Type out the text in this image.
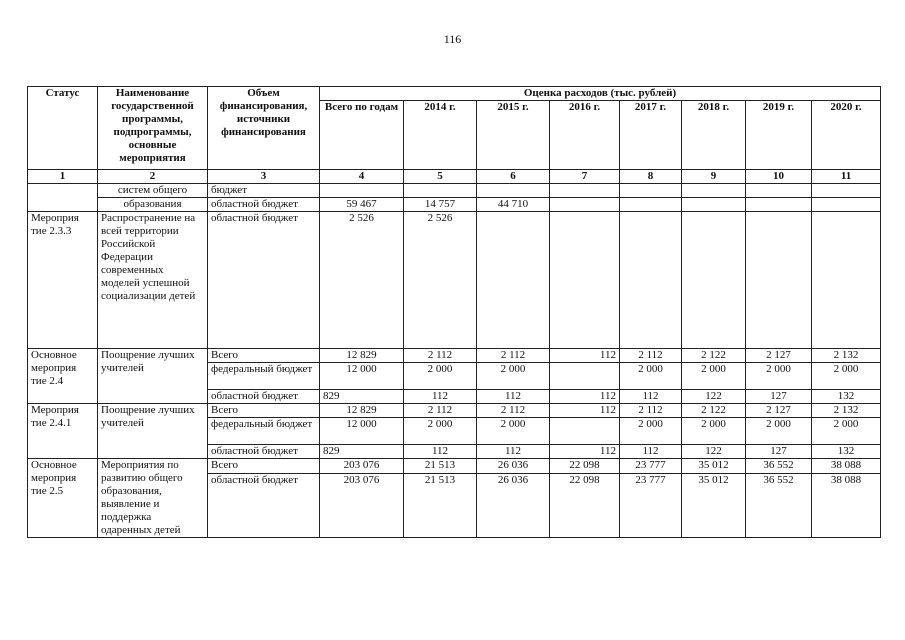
116
Статус	Наименование государственной программы, подпрограммы, основные мероприятия	Объем финансирования, источники финансирования	Оценка расходов (тыс. рублей)							
			Всего по годам	2014 г.	2015 г.	2016 г.	2017 г.	2018 г.	2019 г.	2020 г.
1	2	3	4	5	6	7	8	9	10	11
	систем общего	бюджет								
	образования	областной бюджет	59 467	14 757	44 710					
Мероприя тие 2.3.3	Распространение на всей территории Российской Федерации современных моделей успешной социализации детей	областной бюджет	2 526	2 526						
Основное мероприя тие 2.4	Поощрение лучших учителей	Всего	12 829	2 112	2 112	112	2 112	2 122	2 127	2 132
		федеральный бюджет	12 000	2 000	2 000		2 000	2 000	2 000	2 000
		областной бюджет	829	112	112	112	112	122	127	132
Мероприя тие 2.4.1	Поощрение лучших учителей	Всего	12 829	2 112	2 112	112	2 112	2 122	2 127	2 132
		федеральный бюджет	12 000	2 000	2 000		2 000	2 000	2 000	2 000
		областной бюджет	829	112	112	112	112	122	127	132
Основное мероприя тие 2.5	Мероприятия по развитию общего образования, выявление и поддержка одаренных детей	Всего	203 076	21 513	26 036	22 098	23 777	35 012	36 552	38 088
		областной бюджет	203 076	21 513	26 036	22 098	23 777	35 012	36 552	38 088
